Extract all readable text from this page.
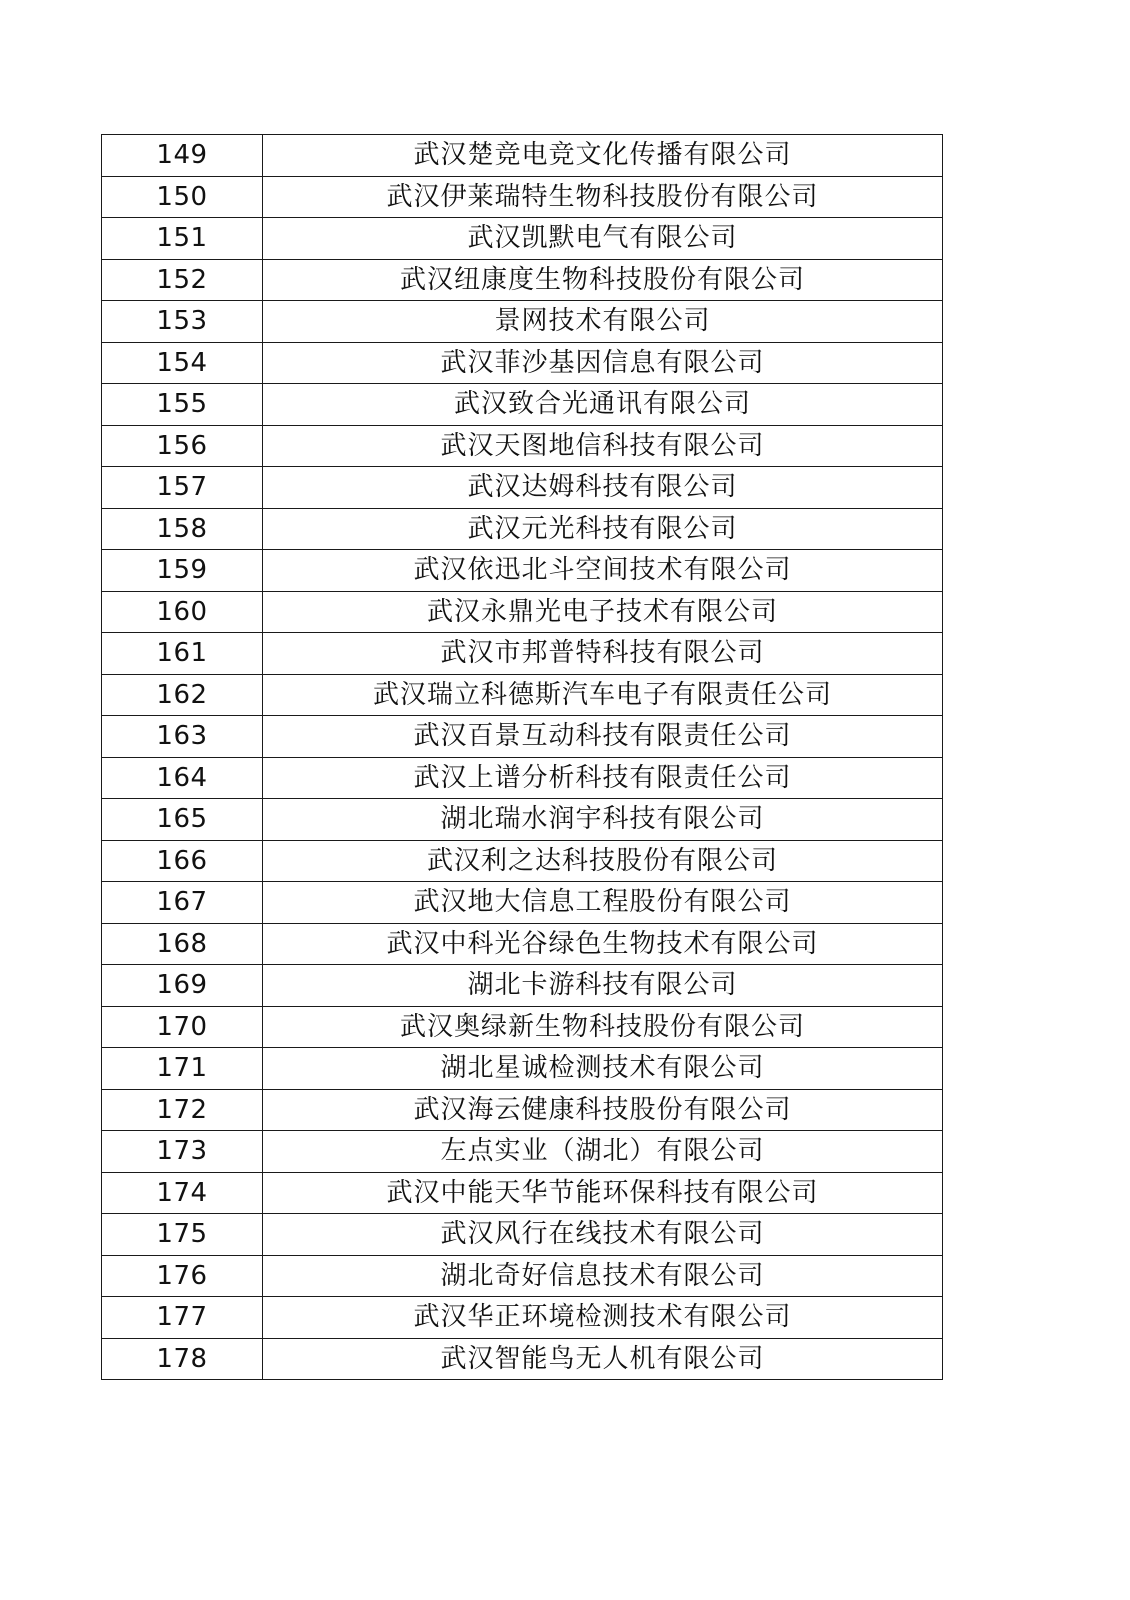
149	武汉楚竞电竞文化传播有限公司
150	武汉伊莱瑞特生物科技股份有限公司
151	武汉凯默电气有限公司
152	武汉纽康度生物科技股份有限公司
153	景网技术有限公司
154	武汉菲沙基因信息有限公司
155	武汉致合光通讯有限公司
156	武汉天图地信科技有限公司
157	武汉达姆科技有限公司
158	武汉元光科技有限公司
159	武汉依迅北斗空间技术有限公司
160	武汉永鼎光电子技术有限公司
161	武汉市邦普特科技有限公司
162	武汉瑞立科德斯汽车电子有限责任公司
163	武汉百景互动科技有限责任公司
164	武汉上谱分析科技有限责任公司
165	湖北瑞水润宇科技有限公司
166	武汉利之达科技股份有限公司
167	武汉地大信息工程股份有限公司
168	武汉中科光谷绿色生物技术有限公司
169	湖北卡游科技有限公司
170	武汉奥绿新生物科技股份有限公司
171	湖北星诚检测技术有限公司
172	武汉海云健康科技股份有限公司
173	左点实业（湖北）有限公司
174	武汉中能天华节能环保科技有限公司
175	武汉风行在线技术有限公司
176	湖北奇好信息技术有限公司
177	武汉华正环境检测技术有限公司
178	武汉智能鸟无人机有限公司
